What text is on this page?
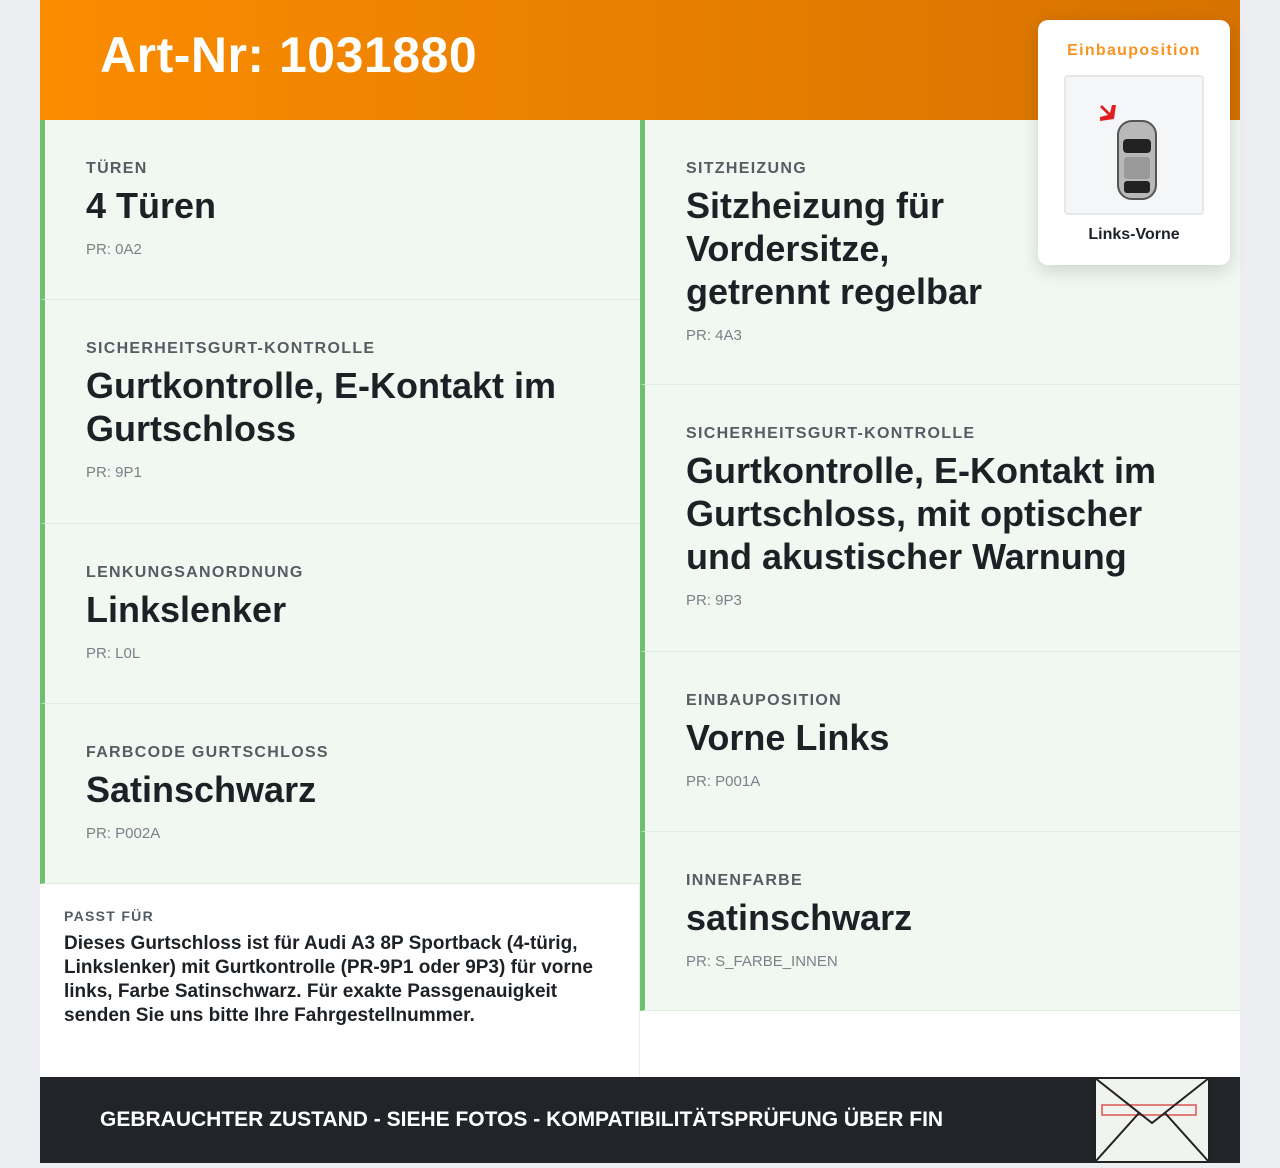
Art-Nr: 1031880
TÜREN
4 Türen
PR: 0A2
SICHERHEITSGURT-KONTROLLE
Gurtkontrolle, E-Kontakt im
Gurtschloss
PR: 9P1
LENKUNGSANORDNUNG
Linkslenker
PR: L0L
FARBCODE GURTSCHLOSS
Satinschwarz
PR: P002A
PASST FÜR

Dieses Gurtschloss ist für Audi A3 8P Sportback (4-türig, Linkslenker) mit Gurtkontrolle (PR-9P1 oder 9P3) für vorne links, Farbe Satinschwarz. Für exakte Passgenauigkeit senden Sie uns bitte Ihre Fahrgestellnummer.

SITZHEIZUNG
Sitzheizung für Vordersitze,
getrennt regelbar
PR: 4A3
SICHERHEITSGURT-KONTROLLE
Gurtkontrolle, E-Kontakt im
Gurtschloss, mit optischer
und akustischer Warnung
PR: 9P3
EINBAUPOSITION
Vorne Links
PR: P001A
INNENFARBE
satinschwarz
PR: S_FARBE_INNEN
Einbauposition
Links-Vorne
GEBRAUCHTER ZUSTAND - SIEHE FOTOS - KOMPATIBILITÄTSPRÜFUNG ÜBER FIN
